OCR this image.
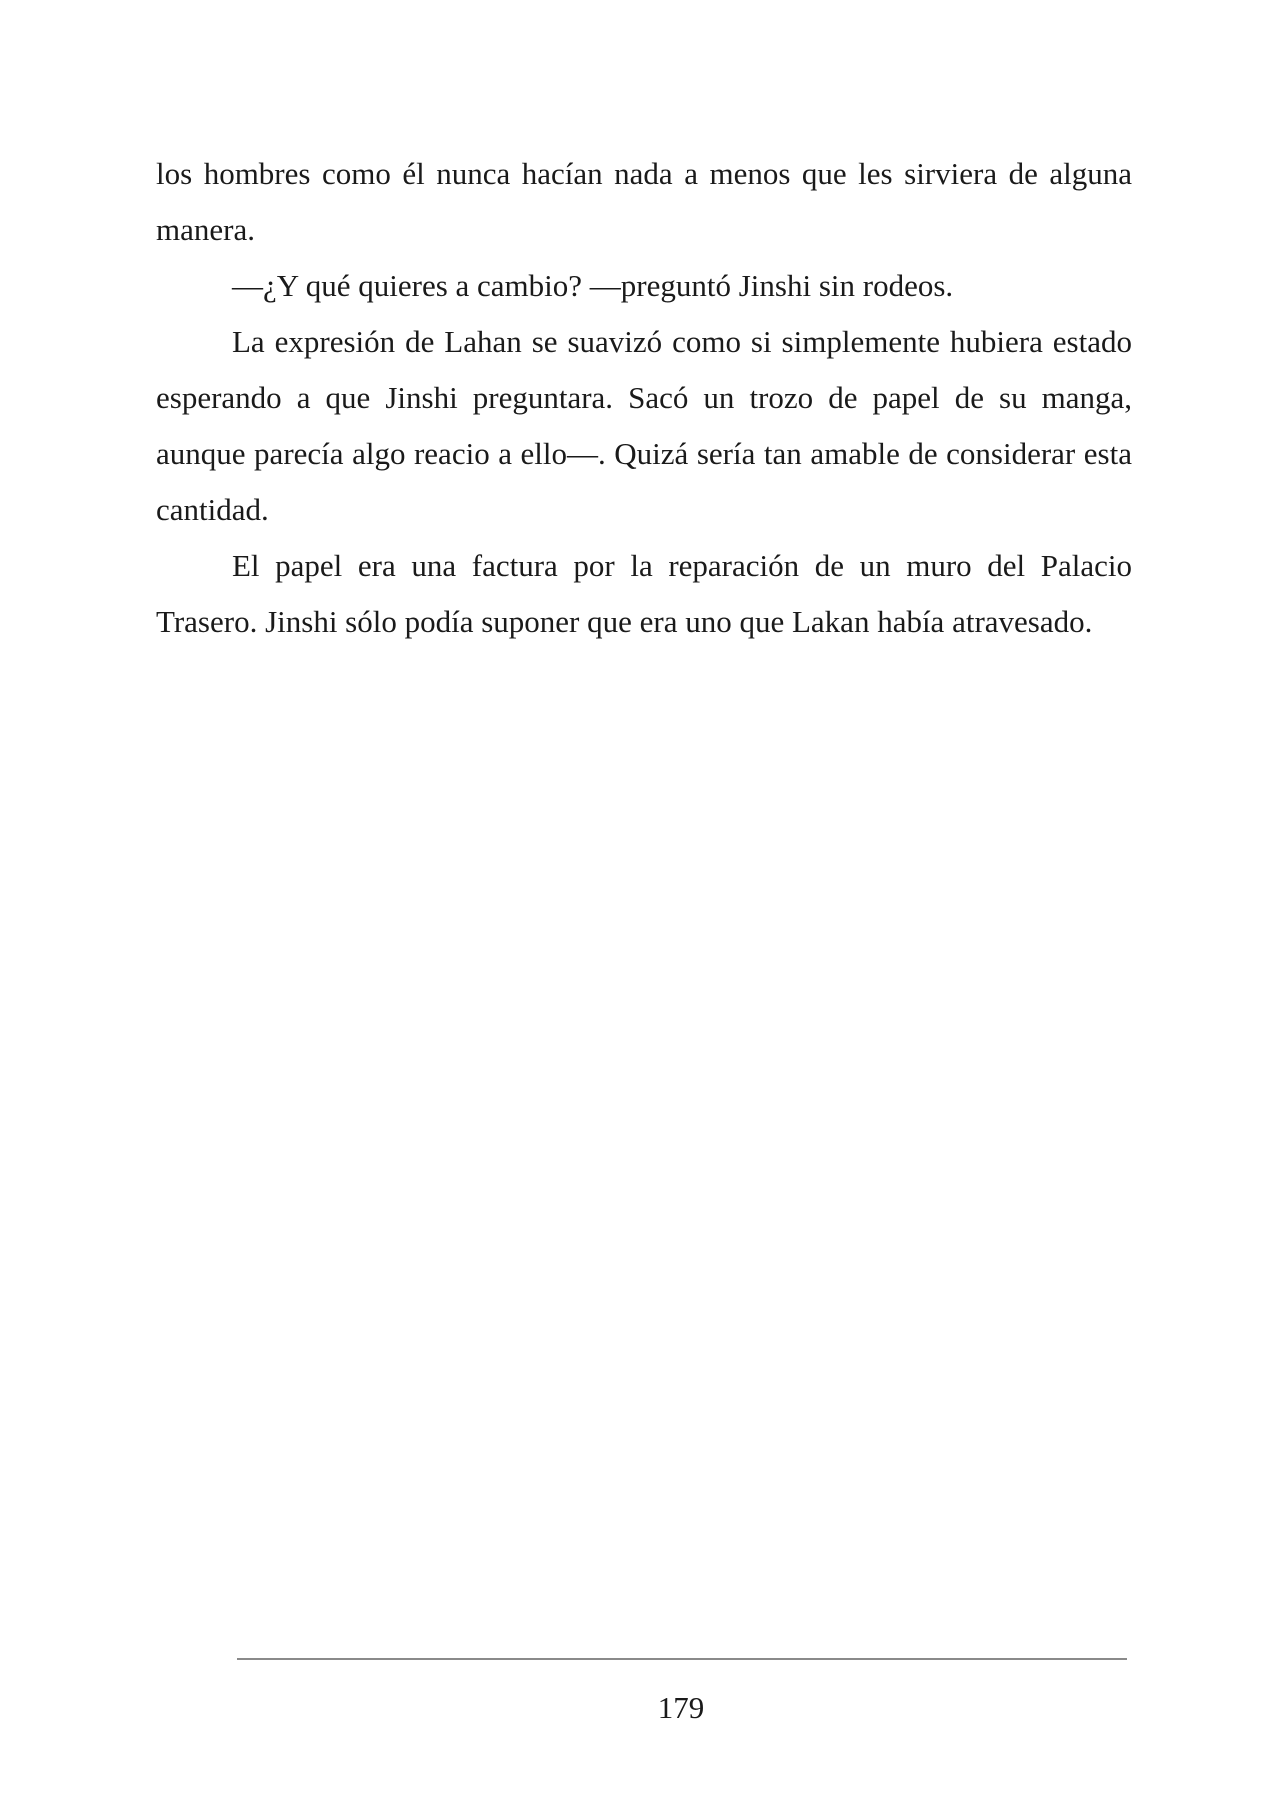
los hombres como él nunca hacían nada a menos que les sirviera de alguna manera.

—¿Y qué quieres a cambio? —preguntó Jinshi sin rodeos.

La expresión de Lahan se suavizó como si simplemente hubiera estado esperando a que Jinshi preguntara. Sacó un trozo de papel de su manga, aunque parecía algo reacio a ello—. Quizá sería tan amable de considerar esta cantidad.

El papel era una factura por la reparación de un muro del Palacio Trasero. Jinshi sólo podía suponer que era uno que Lakan había atravesado.

179
